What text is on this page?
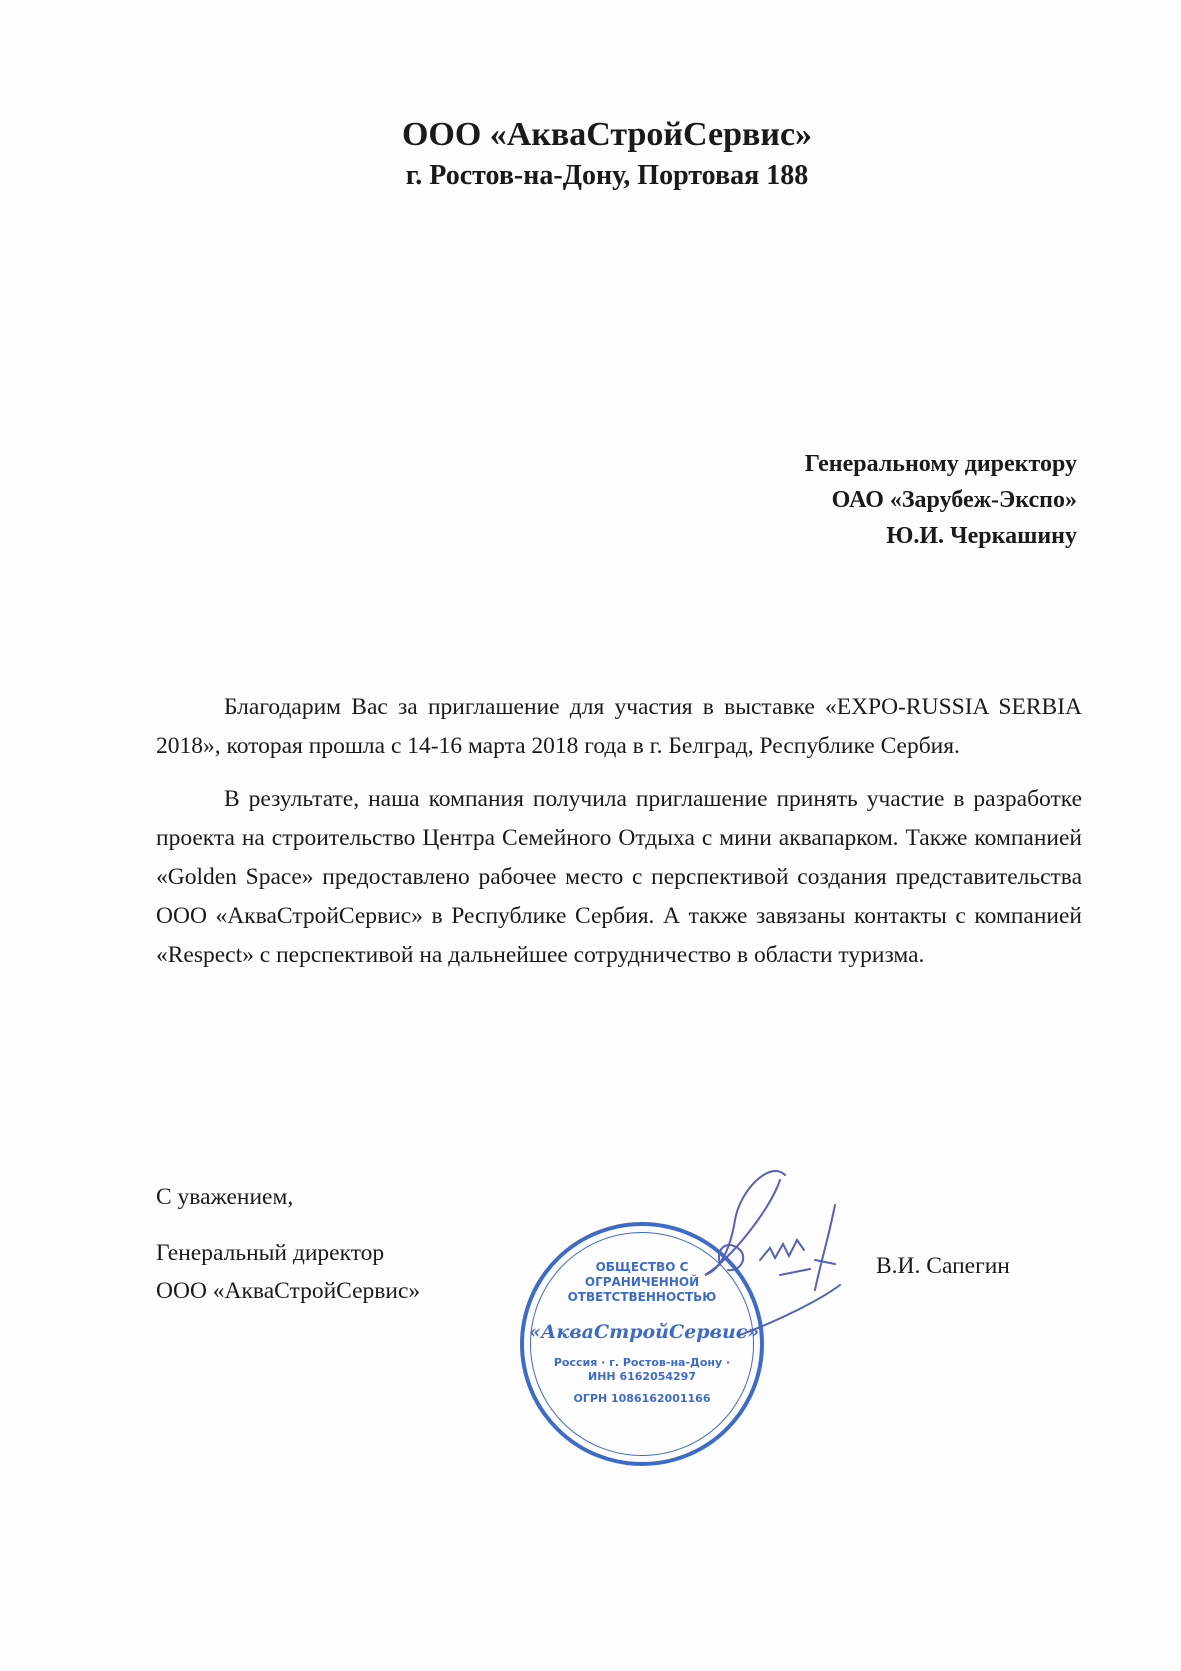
ООО «АкваСтройСервис»
г. Ростов-на-Дону, Портовая 188
Генеральному директору
ОАО «Зарубеж-Экспо»
Ю.И. Черкашину

Благодарим Вас за приглашение для участия в выставке «EXPO-RUSSIA SERBIA 2018», которая прошла с 14-16 марта 2018 года в г. Белград, Республике Сербия.

В результате, наша компания получила приглашение принять участие в разработке проекта на строительство Центра Семейного Отдыха с мини аквапарком. Также компанией «Golden Space» предоставлено рабочее место с перспективой создания представительства ООО «АкваСтройСервис» в Республике Сербия. А также завязаны контакты с компанией «Respect» с перспективой на дальнейшее сотрудничество в области туризма.

С уважением,
Генеральный директор
ООО «АкваСтройСервис»
В.И. Сапегин
ОБЩЕСТВО С ОГРАНИЧЕННОЙ ОТВЕТСТВЕННОСТЬЮ
«АкваСтройСервис»
Россия · г. Ростов-на-Дону · ИНН 6162054297
ОГРН 1086162001166
